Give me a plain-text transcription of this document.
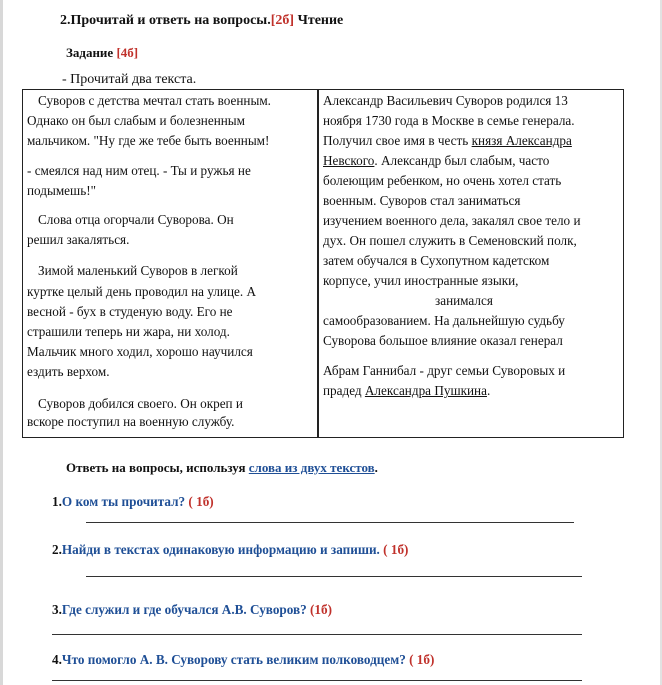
2.Прочитай и ответь на вопросы.[2б] Чтение
Задание [4б]
- Прочитай два текста.
Суворов с детства мечтал стать военным.
Однако он был слабым и болезненным
мальчиком. "Ну где же тебе быть военным!
- смеялся над ним отец. - Ты и ружья не
подымешь!"
Слова отца огорчали Суворова. Он
решил закаляться.
Зимой маленький Суворов в легкой
куртке целый день проводил на улице. А
весной - бух в студеную воду. Его не
страшили теперь ни жара, ни холод.
Мальчик много ходил, хорошо научился
ездить верхом.
Суворов добился своего. Он окреп и
вскоре поступил на военную службу.
Александр Васильевич Суворов родился 13
ноября 1730 года в Москве в семье генерала.
Получил свое имя в честь князя Александра
Невского. Александр был слабым, часто
болеющим ребенком, но очень хотел стать
военным. Суворов стал заниматься
изучением военного дела, закалял свое тело и
дух. Он пошел служить в Семеновский полк,
затем обучался в Сухопутном кадетском
корпусе, учил иностранные языки,
занимался
самообразованием. На дальнейшую судьбу
Суворова большое влияние оказал генерал
Абрам Ганнибал - друг семьи Суворовых и
прадед Александра Пушкина.
Ответь на вопросы, используя слова из двух текстов.
1.О ком ты прочитал? ( 1б)
2.Найди в текстах одинаковую информацию и запиши. ( 1б)
3.Где служил и где обучался А.В. Суворов? (1б)
4.Что помогло А. В. Суворову стать великим полководцем? ( 1б)
